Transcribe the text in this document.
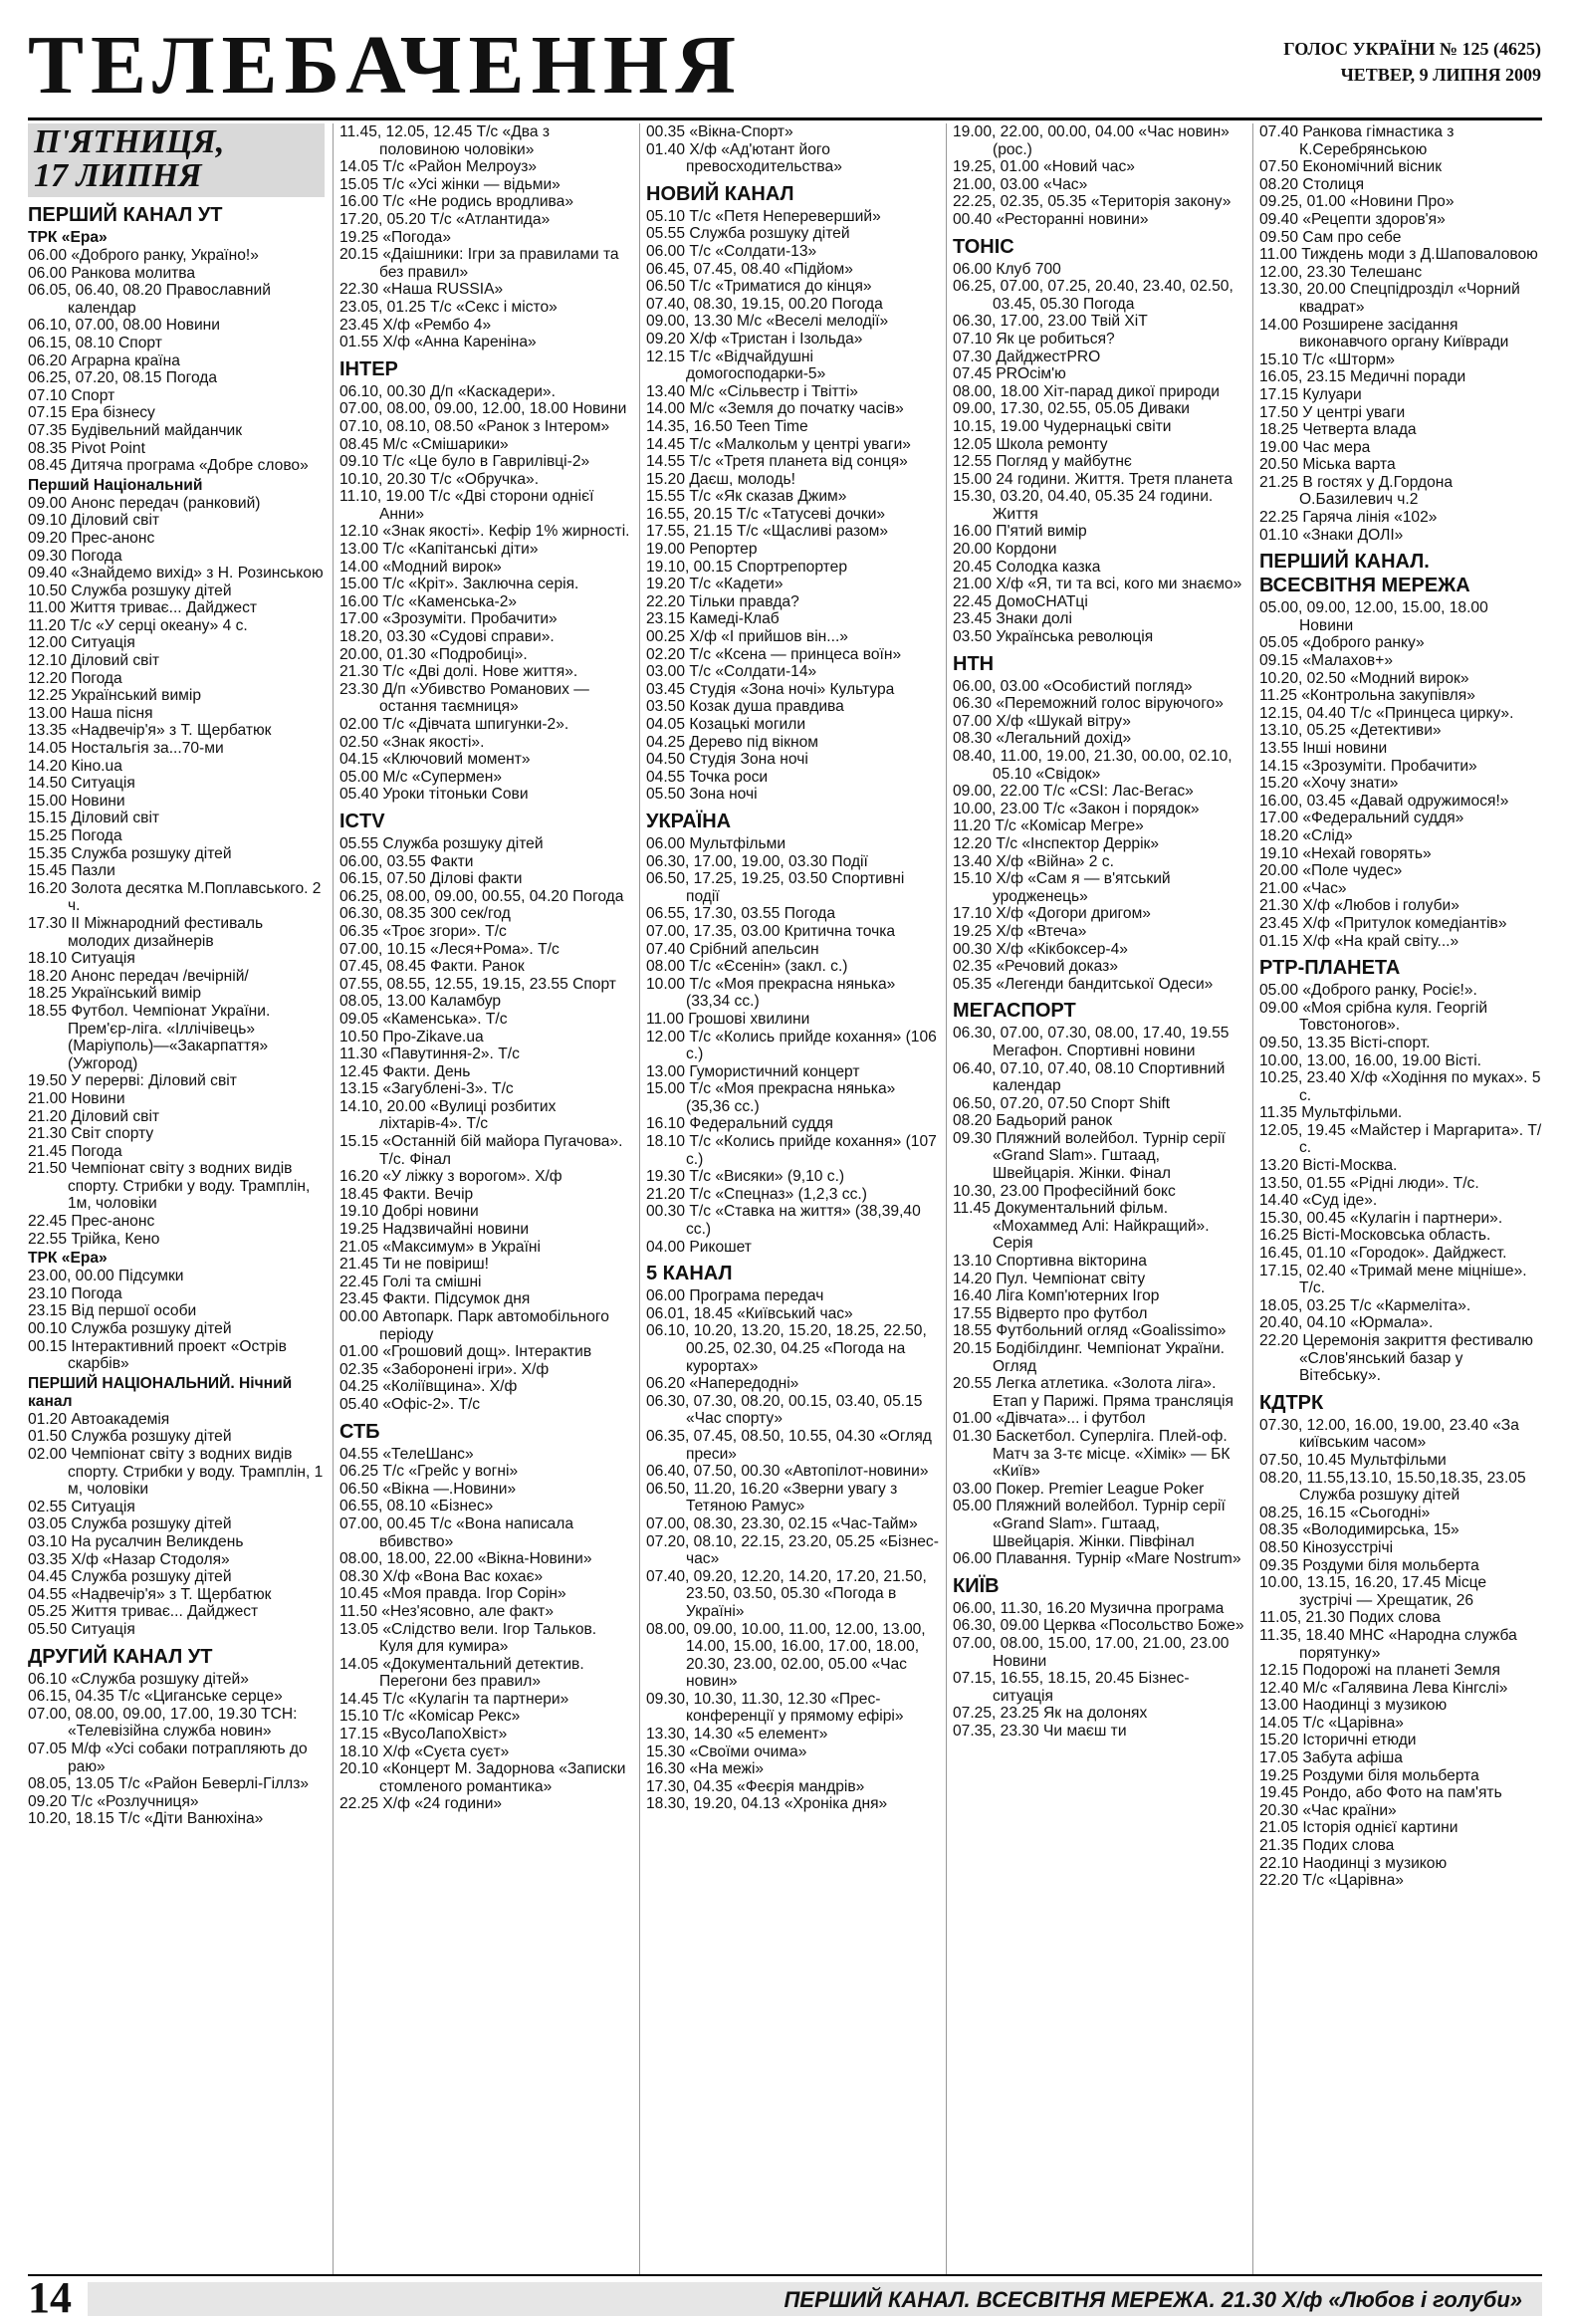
ТЕЛЕБАЧЕННЯ	ГОЛОС УКРАЇНИ № 125 (4625)
ЧЕТВЕР, 9 ЛИПНЯ 2009

П'ЯТНИЦЯ,
17 ЛИПНЯ

ПЕРШИЙ КАНАЛ УТ

ТРК «Ера»

06.00 «Доброго ранку, Україно!»

06.00 Ранкова молитва

06.05, 06.40, 08.20 Православний календар

06.10, 07.00, 08.00 Новини

06.15, 08.10 Спорт

06.20 Аграрна країна

06.25, 07.20, 08.15 Погода

07.10 Спорт

07.15 Ера бізнесу

07.35 Будівельний майданчик

08.35 Pivot Point

08.45 Дитяча програма «Добре слово»

Перший Національний

09.00 Анонс передач (ранковий)

09.10 Діловий світ

09.20 Прес-анонс

09.30 Погода

09.40 «Знайдемо вихід» з Н. Розинською

10.50 Служба розшуку дітей

11.00 Життя триває... Дайджест

11.20 Т/с «У серці океану» 4 с.

12.00 Ситуація

12.10 Діловий світ

12.20 Погода

12.25 Український вимір

13.00 Наша пісня

13.35 «Надвечір'я» з Т. Щербатюк

14.05 Ностальгія за...70-ми

14.20 Кіно.ua

14.50 Ситуація

15.00 Новини

15.15 Діловий світ

15.25 Погода

15.35 Служба розшуку дітей

15.45 Пазли

16.20 Золота десятка М.Поплавського. 2 ч.

17.30 ІІ Міжнародний фестиваль молодих дизайнерів

18.10 Ситуація

18.20 Анонс передач /вечірній/

18.25 Український вимір

18.55 Футбол. Чемпіонат України. Прем'єр-ліга. «Іллічівець» (Маріуполь)—«Закарпаття» (Ужгород)

19.50 У перерві: Діловий світ

21.00 Новини

21.20 Діловий світ

21.30 Світ спорту

21.45 Погода

21.50 Чемпіонат світу з водних видів спорту. Стрибки у воду. Трамплін, 1м, чоловіки

22.45 Прес-анонс

22.55 Трійка, Кено

ТРК «Ера»

23.00, 00.00 Підсумки

23.10 Погода

23.15 Від першої особи

00.10 Служба розшуку дітей

00.15 Інтерактивний проект «Острів скарбів»

ПЕРШИЙ НАЦІОНАЛЬНИЙ. Нічний канал

01.20 Автоакадемія

01.50 Служба розшуку дітей

02.00 Чемпіонат світу з водних видів спорту. Стрибки у воду. Трамплін, 1 м, чоловіки

02.55 Ситуація

03.05 Служба розшуку дітей

03.10 На русалчин Великдень

03.35 Х/ф «Назар Стодоля»

04.45 Служба розшуку дітей

04.55 «Надвечір'я» з Т. Щербатюк

05.25 Життя триває... Дайджест

05.50 Ситуація

ДРУГИЙ КАНАЛ УТ

06.10 «Служба розшуку дітей»

06.15, 04.35 Т/с «Циганське серце»

07.00, 08.00, 09.00, 17.00, 19.30 ТСН: «Телевізійна служба новин»

07.05 М/ф «Усі собаки потрапляють до раю»

08.05, 13.05 Т/с «Район Беверлі-Гіллз»

09.20 Т/с «Розлучниця»

10.20, 18.15 Т/с «Діти Ванюхіна»

11.45, 12.05, 12.45 Т/с «Два з половиною чоловіки»

14.05 Т/с «Район Мелроуз»

15.05 Т/с «Усі жінки — відьми»

16.00 Т/с «Не родись вродлива»

17.20, 05.20 Т/с «Атлантида»

19.25 «Погода»

20.15 «Даішники: Ігри за правилами та без правил»

22.30 «Наша RUSSIA»

23.05, 01.25 Т/с «Секс і місто»

23.45 Х/ф «Рембо 4»

01.55 Х/ф «Анна Кареніна»

ІНТЕР

06.10, 00.30 Д/п «Каскадери».

07.00, 08.00, 09.00, 12.00, 18.00 Новини

07.10, 08.10, 08.50 «Ранок з Інтером»

08.45 М/с «Смішарики»

09.10 Т/с «Це було в Гаврилівці-2»

10.10, 20.30 Т/с «Обручка».

11.10, 19.00 Т/с «Дві сторони однієї Анни»

12.10 «Знак якості». Кефір 1% жирності.

13.00 Т/с «Капітанські діти»

14.00 «Модний вирок»

15.00 Т/с «Кріт». Заключна серія.

16.00 Т/с «Каменська-2»

17.00 «Зрозуміти. Пробачити»

18.20, 03.30 «Судові справи».

20.00, 01.30 «Подробиці».

21.30 Т/с «Дві долі. Нове життя».

23.30 Д/п «Убивство Романових — остання таємниця»

02.00 Т/с «Дівчата шпигунки-2».

02.50 «Знак якості».

04.15 «Ключовий момент»

05.00 М/с «Супермен»

05.40 Уроки тітоньки Сови

ICTV

05.55 Служба розшуку дітей

06.00, 03.55 Факти

06.15, 07.50 Ділові факти

06.25, 08.00, 09.00, 00.55, 04.20 Погода

06.30, 08.35 300 сек/год

06.35 «Троє згори». Т/с

07.00, 10.15 «Леся+Рома». Т/с

07.45, 08.45 Факти. Ранок

07.55, 08.55, 12.55, 19.15, 23.55 Спорт

08.05, 13.00 Каламбур

09.05 «Каменська». Т/с

10.50 Про-Zikave.ua

11.30 «Павутиння-2». Т/с

12.45 Факти. День

13.15 «Загублені-3». Т/с

14.10, 20.00 «Вулиці розбитих ліхтарів-4». Т/с

15.15 «Останній бій майора Пугачова». Т/с. Фінал

16.20 «У ліжку з ворогом». Х/ф

18.45 Факти. Вечір

19.10 Добрі новини

19.25 Надзвичайні новини

21.05 «Максимум» в Україні

21.45 Ти не повіриш!

22.45 Голі та смішні

23.45 Факти. Підсумок дня

00.00 Автопарк. Парк автомобільного періоду

01.00 «Грошовий дощ». Інтерактив

02.35 «Заборонені ігри». Х/ф

04.25 «Коліївщина». Х/ф

05.40 «Офіс-2». Т/с

СТБ

04.55 «ТелеШанс»

06.25 Т/с «Грейс у вогні»

06.50 «Вікна —.Новини»

06.55, 08.10 «Бізнес»

07.00, 00.45 Т/с «Вона написала вбивство»

08.00, 18.00, 22.00 «Вікна-Новини»

08.30 Х/ф «Вона Вас кохає»

10.45 «Моя правда. Ігор Сорін»

11.50 «Нез'ясовно, але факт»

13.05 «Слідство вели. Ігор Тальков. Куля для кумира»

14.05 «Документальний детектив. Перегони без правил»

14.45 Т/с «Кулагін та партнери»

15.10 Т/с «Комісар Рекс»

17.15 «ВусоЛапоХвіст»

18.10 Х/ф «Суєта суєт»

20.10 «Концерт М. Задорнова «Записки стомленого романтика»

22.25 Х/ф «24 години»

00.35 «Вікна-Спорт»

01.40 Х/ф «Ад'ютант його превосходительства»

НОВИЙ КАНАЛ

05.10 Т/с «Петя Непереверший»

05.55 Служба розшуку дітей

06.00 Т/с «Солдати-13»

06.45, 07.45, 08.40 «Підйом»

06.50 Т/с «Триматися до кінця»

07.40, 08.30, 19.15, 00.20 Погода

09.00, 13.30 М/с «Веселі мелодії»

09.20 Х/ф «Тристан і Ізольда»

12.15 Т/с «Відчайдушні домогосподарки-5»

13.40 М/с «Сільвестр і Твітті»

14.00 М/с «Земля до початку часів»

14.35, 16.50 Teen Time

14.45 Т/с «Малкольм у центрі уваги»

14.55 Т/с «Третя планета від сонця»

15.20 Даєш, молодь!

15.55 Т/с «Як сказав Джим»

16.55, 20.15 Т/с «Татусеві дочки»

17.55, 21.15 Т/с «Щасливі разом»

19.00 Репортер

19.10, 00.15 Спортрепортер

19.20 Т/с «Кадети»

22.20 Тільки правда?

23.15 Камеді-Клаб

00.25 Х/ф «І прийшов він...»

02.20 Т/с «Ксена — принцеса воїн»

03.00 Т/с «Солдати-14»

03.45 Студія «Зона ночі» Культура

03.50 Козак душа правдива

04.05 Козацькі могили

04.25 Дерево під вікном

04.50 Студія Зона ночі

04.55 Точка роси

05.50 Зона ночі

УКРАЇНА

06.00 Мультфільми

06.30, 17.00, 19.00, 03.30 Події

06.50, 17.25, 19.25, 03.50 Спортивні події

06.55, 17.30, 03.55 Погода

07.00, 17.35, 03.00 Критична точка

07.40 Срібний апельсин

08.00 Т/с «Єсенін» (закл. с.)

10.00 Т/с «Моя прекрасна нянька» (33,34 сс.)

11.00 Грошові хвилини

12.00 Т/с «Колись прийде кохання» (106 с.)

13.00 Гумористичний концерт

15.00 Т/с «Моя прекрасна нянька» (35,36 сс.)

16.10 Федеральний суддя

18.10 Т/с «Колись прийде кохання» (107 с.)

19.30 Т/с «Висяки» (9,10 с.)

21.20 Т/с «Спецназ» (1,2,3 сс.)

00.30 Т/с «Ставка на життя» (38,39,40 сс.)

04.00 Рикошет

5 КАНАЛ

06.00 Програма передач

06.01, 18.45 «Київський час»

06.10, 10.20, 13.20, 15.20, 18.25, 22.50, 00.25, 02.30, 04.25 «Погода на курортах»

06.20 «Напередодні»

06.30, 07.30, 08.20, 00.15, 03.40, 05.15 «Час спорту»

06.35, 07.45, 08.50, 10.55, 04.30 «Огляд преси»

06.40, 07.50, 00.30 «Автопілот-новини»

06.50, 11.20, 16.20 «Зверни увагу з Тетяною Рамус»

07.00, 08.30, 23.30, 02.15 «Час-Тайм»

07.20, 08.10, 22.15, 23.20, 05.25 «Бізнес-час»

07.40, 09.20, 12.20, 14.20, 17.20, 21.50, 23.50, 03.50, 05.30 «Погода в Україні»

08.00, 09.00, 10.00, 11.00, 12.00, 13.00, 14.00, 15.00, 16.00, 17.00, 18.00, 20.30, 23.00, 02.00, 05.00 «Час новин»

09.30, 10.30, 11.30, 12.30 «Прес-конференції у прямому ефірі»

13.30, 14.30 «5 елемент»

15.30 «Своїми очима»

16.30 «На межі»

17.30, 04.35 «Феєрія мандрів»

18.30, 19.20, 04.13 «Хроніка дня»

19.00, 22.00, 00.00, 04.00 «Час новин» (рос.)

19.25, 01.00 «Новий час»

21.00, 03.00 «Час»

22.25, 02.35, 05.35 «Територія закону»

00.40 «Ресторанні новини»

ТОНІС

06.00 Клуб 700

06.25, 07.00, 07.25, 20.40, 23.40, 02.50, 03.45, 05.30 Погода

06.30, 17.00, 23.00 Твій ХіТ

07.10 Як це робиться?

07.30 ДайджестPRO

07.45 PROсім'ю

08.00, 18.00 Хіт-парад дикої природи

09.00, 17.30, 02.55, 05.05 Диваки

10.15, 19.00 Чудернацькі світи

12.05 Школа ремонту

12.55 Погляд у майбутнє

15.00 24 години. Життя. Третя планета

15.30, 03.20, 04.40, 05.35 24 години. Життя

16.00 П'ятий вимір

20.00 Кордони

20.45 Солодка казка

21.00 Х/ф «Я, ти та всі, кого ми знаємо»

22.45 ДомоСНАТці

23.45 Знаки долі

03.50 Українська революція

НТН

06.00, 03.00 «Особистий погляд»

06.30 «Переможний голос віруючого»

07.00 Х/ф «Шукай вітру»

08.30 «Легальний дохід»

08.40, 11.00, 19.00, 21.30, 00.00, 02.10, 05.10 «Свідок»

09.00, 22.00 Т/с «CSI: Лас-Вегас»

10.00, 23.00 Т/с «Закон і порядок»

11.20 Т/с «Комісар Мегре»

12.20 Т/с «Інспектор Деррік»

13.40 Х/ф «Війна» 2 с.

15.10 Х/ф «Сам я — в'ятський уродженець»

17.10 Х/ф «Догори дригом»

19.25 Х/ф «Втеча»

00.30 Х/ф «Кікбоксер-4»

02.35 «Речовий доказ»

05.35 «Легенди бандитської Одеси»

МЕГАСПОРТ

06.30, 07.00, 07.30, 08.00, 17.40, 19.55 Мегафон. Спортивні новини

06.40, 07.10, 07.40, 08.10 Спортивний календар

06.50, 07.20, 07.50 Спорт Shift

08.20 Бадьорий ранок

09.30 Пляжний волейбол. Турнір серії «Grand Slam». Гштаад, Швейцарія. Жінки. Фінал

10.30, 23.00 Професійний бокс

11.45 Документальний фільм. «Мохаммед Алі: Найкращий». Серія

13.10 Спортивна вікторина

14.20 Пул. Чемпіонат світу

16.40 Ліга Комп'ютерних Ігор

17.55 Відверто про футбол

18.55 Футбольний огляд «Goalissimo»

20.15 Бодібілдинг. Чемпіонат України. Огляд

20.55 Легка атлетика. «Золота ліга». Етап у Парижі. Пряма трансляція

01.00 «Дівчата»... і футбол

01.30 Баскетбол. Суперліга. Плей-оф. Матч за 3-тє місце. «Хімік» — БК «Київ»

03.00 Покер. Premier League Poker

05.00 Пляжний волейбол. Турнір серії «Grand Slam». Гштаад, Швейцарія. Жінки. Півфінал

06.00 Плавання. Турнір «Mare Nostrum»

КИЇВ

06.00, 11.30, 16.20 Музична програма

06.30, 09.00 Церква «Посольство Боже»

07.00, 08.00, 15.00, 17.00, 21.00, 23.00 Новини

07.15, 16.55, 18.15, 20.45 Бізнес-ситуація

07.25, 23.25 Як на долонях

07.35, 23.30 Чи маєш ти

07.40 Ранкова гімнастика з К.Серебрянською

07.50 Економічний вісник

08.20 Столиця

09.25, 01.00 «Новини Про»

09.40 «Рецепти здоров'я»

09.50 Сам про себе

11.00 Тиждень моди з Д.Шаповаловою

12.00, 23.30 Телешанс

13.30, 20.00 Спецпідрозділ «Чорний квадрат»

14.00 Розширене засідання виконавчого органу Київради

15.10 Т/с «Шторм»

16.05, 23.15 Медичні поради

17.15 Кулуари

17.50 У центрі уваги

18.25 Четверта влада

19.00 Час мера

20.50 Міська варта

21.25 В гостях у Д.Гордона О.Базилевич ч.2

22.25 Гаряча лінія «102»

01.10 «Знаки ДОЛІ»

ПЕРШИЙ КАНАЛ. ВСЕСВІТНЯ МЕРЕЖА

05.00, 09.00, 12.00, 15.00, 18.00 Новини

05.05 «Доброго ранку»

09.15 «Малахов+»

10.20, 02.50 «Модний вирок»

11.25 «Контрольна закупівля»

12.15, 04.40 Т/с «Принцеса цирку».

13.10, 05.25 «Детективи»

13.55 Інші новини

14.15 «Зрозуміти. Пробачити»

15.20 «Хочу знати»

16.00, 03.45 «Давай одружимося!»

17.00 «Федеральний суддя»

18.20 «Слід»

19.10 «Нехай говорять»

20.00 «Поле чудес»

21.00 «Час»

21.30 Х/ф «Любов і голуби»

23.45 Х/ф «Притулок комедіантів»

01.15 Х/ф «На край світу...»

РТР-ПЛАНЕТА

05.00 «Доброго ранку, Росіє!».

09.00 «Моя срібна куля. Георгій Товстоногов».

09.50, 13.35 Вісті-спорт.

10.00, 13.00, 16.00, 19.00 Вісті.

10.25, 23.40 Х/ф «Ходіння по муках». 5 с.

11.35 Мультфільми.

12.05, 19.45 «Майстер і Маргарита». Т/с.

13.20 Вісті-Москва.

13.50, 01.55 «Рідні люди». Т/с.

14.40 «Суд іде».

15.30, 00.45 «Кулагін і партнери».

16.25 Вісті-Московська область.

16.45, 01.10 «Городок». Дайджест.

17.15, 02.40 «Тримай мене міцніше». Т/с.

18.05, 03.25 Т/с «Кармеліта».

20.40, 04.10 «Юрмала».

22.20 Церемонія закриття фестивалю «Слов'янський базар у Вітебську».

КДТРК

07.30, 12.00, 16.00, 19.00, 23.40 «За київським часом»

07.50, 10.45 Мультфільми

08.20, 11.55,13.10, 15.50,18.35, 23.05 Служба розшуку дітей

08.25, 16.15 «Сьогодні»

08.35 «Володимирська, 15»

08.50 Кінозусстрічі

09.35 Роздуми біля мольберта

10.00, 13.15, 16.20, 17.45 Місце зустрічі — Хрещатик, 26

11.05, 21.30 Подих слова

11.35, 18.40 МНС «Народна служба порятунку»

12.15 Подорожі на планеті Земля

12.40 М/с «Галявина Лева Кінгслі»

13.00 Наодинці з музикою

14.05 Т/с «Царівна»

15.20 Історичні етюди

17.05 Забута афіша

19.25 Роздуми біля мольберта

19.45 Рондо, або Фото на пам'ять

20.30 «Час країни»

21.05 Історія однієї картини

21.35 Подих слова

22.10 Наодинці з музикою

22.20 Т/с «Царівна»

14	ПЕРШИЙ КАНАЛ. ВСЕСВІТНЯ МЕРЕЖА. 21.30 Х/ф «Любов і голуби»
